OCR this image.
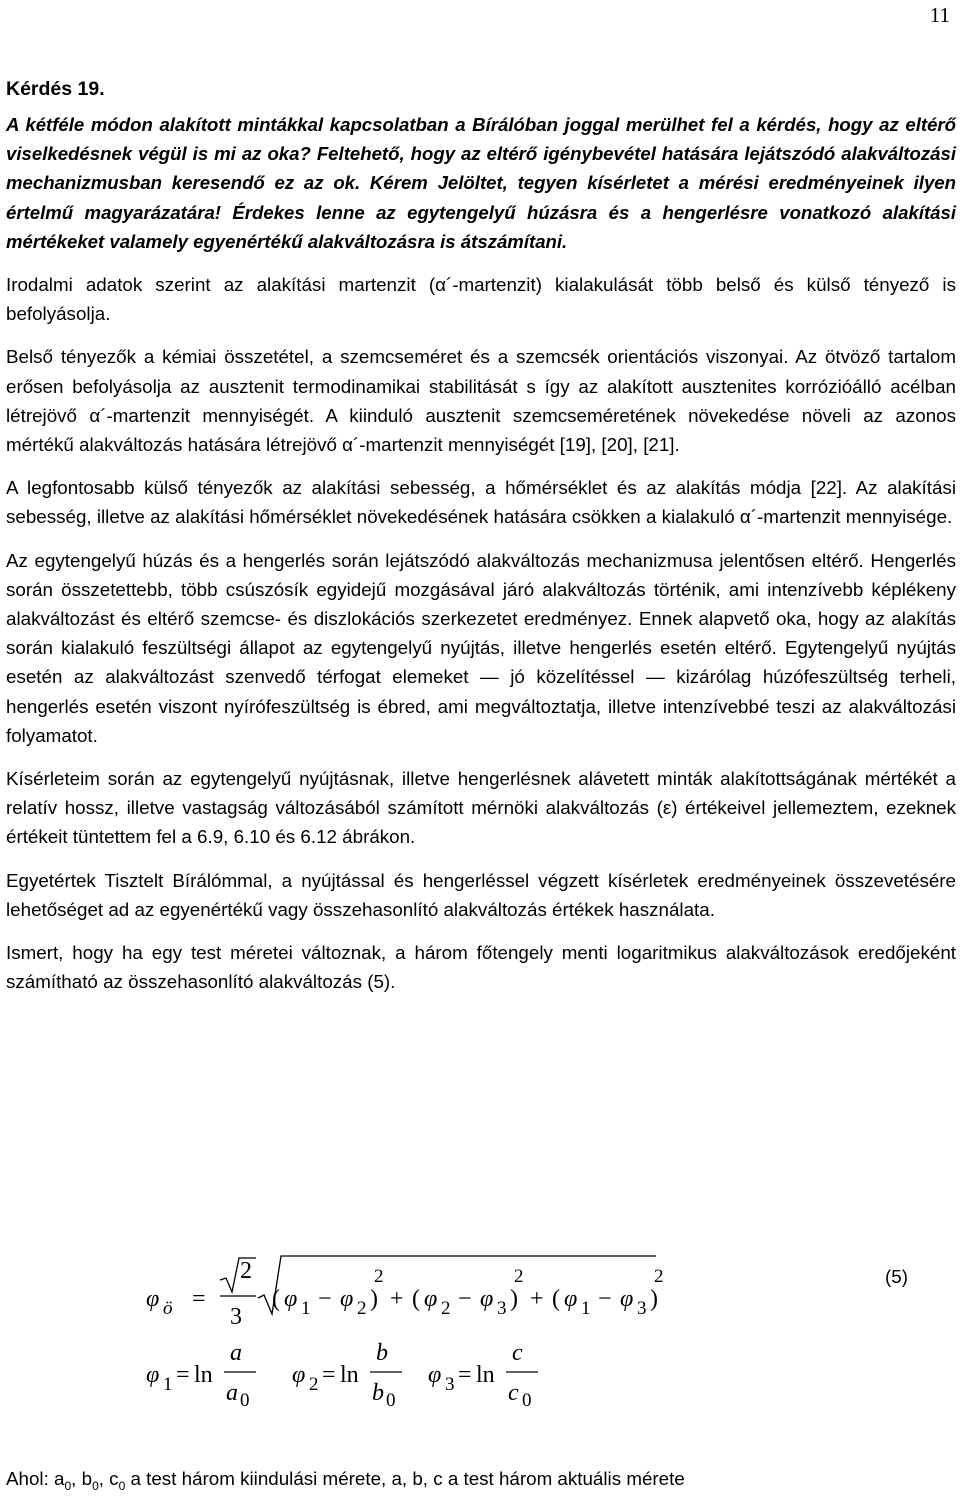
11
Kérdés 19.

A kétféle módon alakított mintákkal kapcsolatban a Bírálóban joggal merülhet fel a kérdés, hogy az eltérő viselkedésnek végül is mi az oka? Feltehető, hogy az eltérő igénybevétel hatására lejátszódó alakváltozási mechanizmusban keresendő ez az ok. Kérem Jelöltet, tegyen kísérletet a mérési eredményeinek ilyen értelmű magyarázatára! Érdekes lenne az egytengelyű húzásra és a hengerlésre vonatkozó alakítási mértékeket valamely egyenértékű alakváltozásra is átszámítani.

Irodalmi adatok szerint az alakítási martenzit (α´-martenzit) kialakulását több belső és külső tényező is befolyásolja.

Belső tényezők a kémiai összetétel, a szemcseméret és a szemcsék orientációs viszonyai. Az ötvöző tartalom erősen befolyásolja az ausztenit termodinamikai stabilitását s így az alakított ausztenites korrózióálló acélban létrejövő α´-martenzit mennyiségét. A kiinduló ausztenit szemcseméretének növekedése növeli az azonos mértékű alakváltozás hatására létrejövő α´-martenzit mennyiségét [19], [20], [21].

A legfontosabb külső tényezők az alakítási sebesség, a hőmérséklet és az alakítás módja [22]. Az alakítási sebesség, illetve az alakítási hőmérséklet növekedésének hatására csökken a kialakuló α´-martenzit mennyisége.

Az egytengelyű húzás és a hengerlés során lejátszódó alakváltozás mechanizmusa jelentősen eltérő. Hengerlés során összetettebb, több csúszósík egyidejű mozgásával járó alakváltozás történik, ami intenzívebb képlékeny alakváltozást és eltérő szemcse- és diszlokációs szerkezetet eredményez. Ennek alapvető oka, hogy az alakítás során kialakuló feszültségi állapot az egytengelyű nyújtás, illetve hengerlés esetén eltérő. Egytengelyű nyújtás esetén az alakváltozást szenvedő térfogat elemeket — jó közelítéssel — kizárólag húzófeszültség terheli, hengerlés esetén viszont nyírófeszültség is ébred, ami megváltoztatja, illetve intenzívebbé teszi az alakváltozási folyamatot.

Kísérleteim során az egytengelyű nyújtásnak, illetve hengerlésnek alávetett minták alakítottságának mértékét a relatív hossz, illetve vastagság változásából számított mérnöki alakváltozás (ε) értékeivel jellemeztem, ezeknek értékeit tüntettem fel a 6.9, 6.10 és 6.12 ábrákon.

Egyetértek Tisztelt Bírálómmal, a nyújtással és hengerléssel végzett kísérletek eredményeinek összevetésére lehetőséget ad az egyenértékű vagy összehasonlító alakváltozás értékek használata.

Ismert, hogy ha egy test méretei változnak, a három főtengely menti logaritmikus alakváltozások eredőjeként számítható az összehasonlító alakváltozás (5).

(5)
φ ö =
2
3
( φ 1 − φ 2 )
2
+ ( φ 2 − φ 3 )
2
+ ( φ 1 − φ 3 )
2
φ 1 = ln
a
a 0
φ 2 = ln
b
b 0
φ 3 = ln
c
c 0
Ahol: $a_0$, $b_0$, $c_0$ a test három kiindulási mérete, a, b, c a test három aktuális mérete
